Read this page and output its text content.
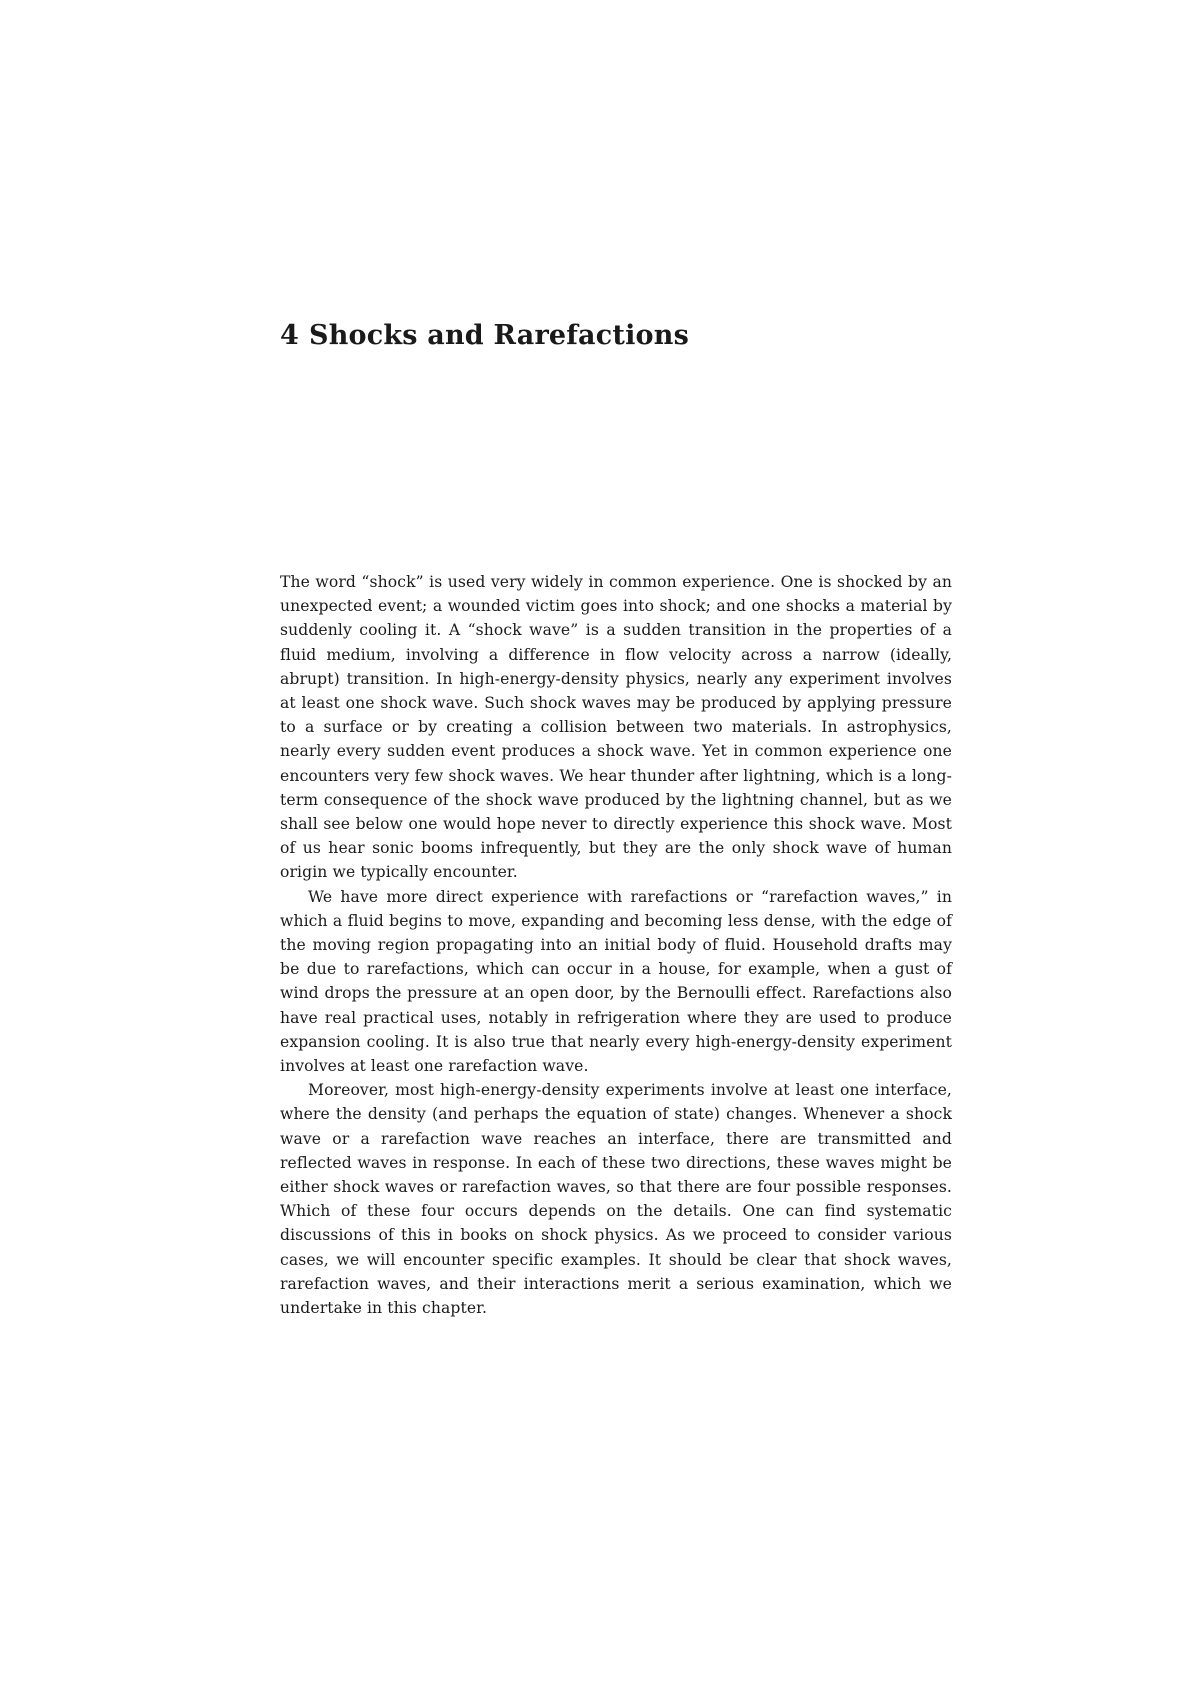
4 Shocks and Rarefactions

The word “shock” is used very widely in common experience. One is shocked by an unexpected event; a wounded victim goes into shock; and one shocks a material by suddenly cooling it. A “shock wave” is a sudden transition in the properties of a fluid medium, involving a difference in flow velocity across a narrow (ideally, abrupt) transition. In high-energy-density physics, nearly any experiment involves at least one shock wave. Such shock waves may be produced by applying pressure to a surface or by creating a collision between two materials. In astrophysics, nearly every sudden event produces a shock wave. Yet in common experience one encounters very few shock waves. We hear thunder after lightning, which is a long-term consequence of the shock wave produced by the lightning channel, but as we shall see below one would hope never to directly experience this shock wave. Most of us hear sonic booms infrequently, but they are the only shock wave of human origin we typically encounter.

We have more direct experience with rarefactions or “rarefaction waves,” in which a fluid begins to move, expanding and becoming less dense, with the edge of the moving region propagating into an initial body of fluid. Household drafts may be due to rarefactions, which can occur in a house, for example, when a gust of wind drops the pressure at an open door, by the Bernoulli effect. Rarefactions also have real practical uses, notably in refrigeration where they are used to produce expansion cooling. It is also true that nearly every high-energy-density experiment involves at least one rarefaction wave.

Moreover, most high-energy-density experiments involve at least one interface, where the density (and perhaps the equation of state) changes. Whenever a shock wave or a rarefaction wave reaches an interface, there are transmitted and reflected waves in response. In each of these two directions, these waves might be either shock waves or rarefaction waves, so that there are four possible responses. Which of these four occurs depends on the details. One can find systematic discussions of this in books on shock physics. As we proceed to consider various cases, we will encounter specific examples. It should be clear that shock waves, rarefaction waves, and their interactions merit a serious examination, which we undertake in this chapter.
